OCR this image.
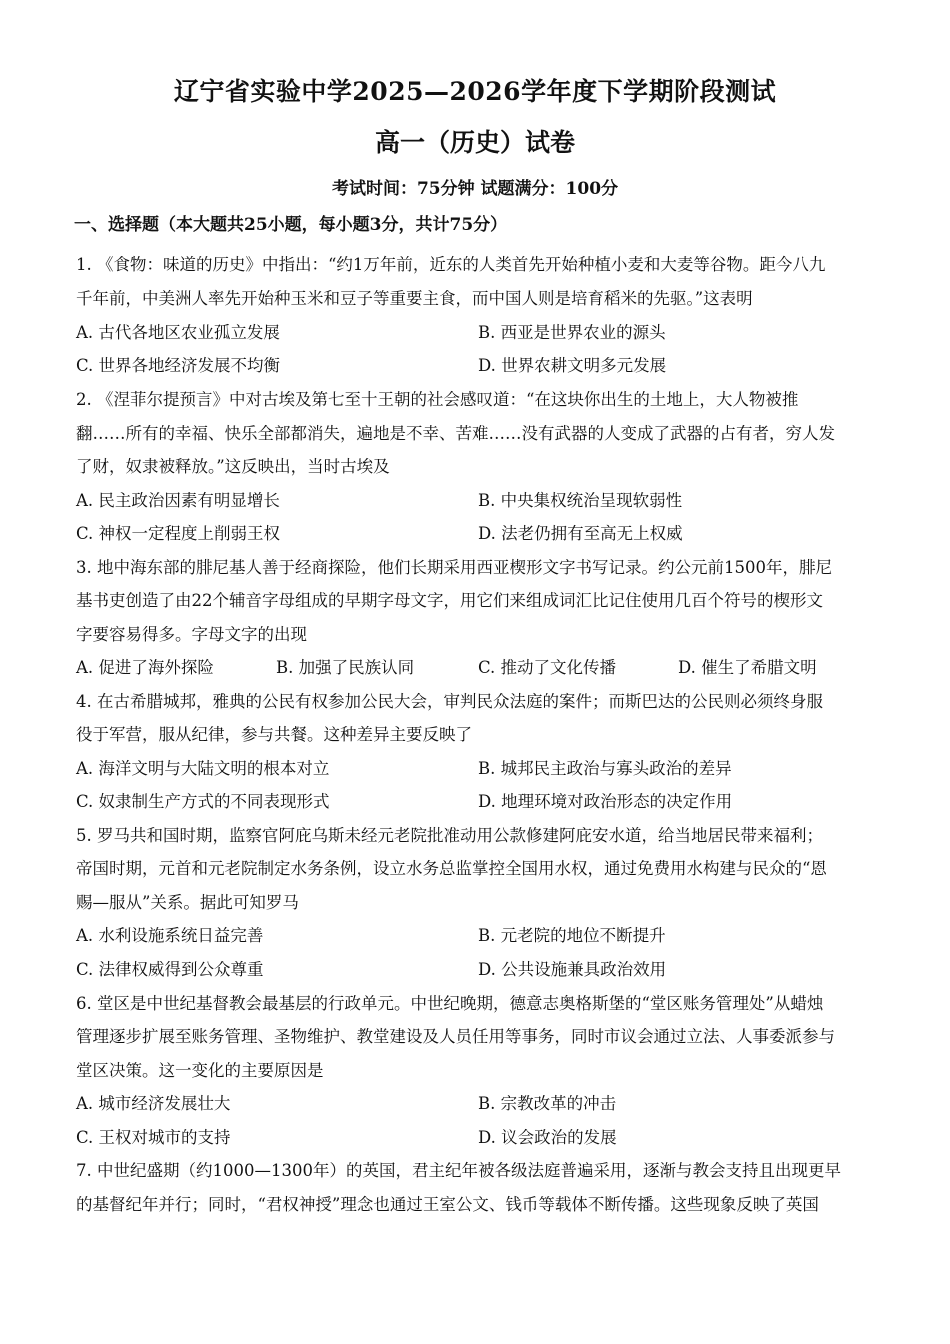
辽宁省实验中学2025—2026学年度下学期阶段测试
高一（历史）试卷
考试时间：75分钟 试题满分：100分
一、选择题（本大题共25小题，每小题3分，共计75分）
1. 《食物：味道的历史》中指出：“约1万年前，近东的人类首先开始种植小麦和大麦等谷物。距今八九
千年前，中美洲人率先开始种玉米和豆子等重要主食，而中国人则是培育稻米的先驱。”这表明
A. 古代各地区农业孤立发展	B. 西亚是世界农业的源头
C. 世界各地经济发展不均衡	D. 世界农耕文明多元发展
2. 《涅菲尔提预言》中对古埃及第七至十王朝的社会感叹道：“在这块你出生的土地上，大人物被推
翻……所有的幸福、快乐全部都消失，遍地是不幸、苦难……没有武器的人变成了武器的占有者，穷人发
了财，奴隶被释放。”这反映出，当时古埃及
A. 民主政治因素有明显增长	B. 中央集权统治呈现软弱性
C. 神权一定程度上削弱王权	D. 法老仍拥有至高无上权威
3. 地中海东部的腓尼基人善于经商探险，他们长期采用西亚楔形文字书写记录。约公元前1500年，腓尼
基书吏创造了由22个辅音字母组成的早期字母文字，用它们来组成词汇比记住使用几百个符号的楔形文
字要容易得多。字母文字的出现
A. 促进了海外探险	B. 加强了民族认同	C. 推动了文化传播	D. 催生了希腊文明
4. 在古希腊城邦，雅典的公民有权参加公民大会，审判民众法庭的案件；而斯巴达的公民则必须终身服
役于军营，服从纪律，参与共餐。这种差异主要反映了
A. 海洋文明与大陆文明的根本对立	B. 城邦民主政治与寡头政治的差异
C. 奴隶制生产方式的不同表现形式	D. 地理环境对政治形态的决定作用
5. 罗马共和国时期，监察官阿庇乌斯未经元老院批准动用公款修建阿庇安水道，给当地居民带来福利；
帝国时期，元首和元老院制定水务条例，设立水务总监掌控全国用水权，通过免费用水构建与民众的“恩
赐—服从”关系。据此可知罗马
A. 水利设施系统日益完善	B. 元老院的地位不断提升
C. 法律权威得到公众尊重	D. 公共设施兼具政治效用
6. 堂区是中世纪基督教会最基层的行政单元。中世纪晚期，德意志奥格斯堡的“堂区账务管理处”从蜡烛
管理逐步扩展至账务管理、圣物维护、教堂建设及人员任用等事务，同时市议会通过立法、人事委派参与
堂区决策。这一变化的主要原因是
A. 城市经济发展壮大	B. 宗教改革的冲击
C. 王权对城市的支持	D. 议会政治的发展
7. 中世纪盛期（约1000—1300年）的英国，君主纪年被各级法庭普遍采用，逐渐与教会支持且出现更早
的基督纪年并行；同时，“君权神授”理念也通过王室公文、钱币等载体不断传播。这些现象反映了英国
